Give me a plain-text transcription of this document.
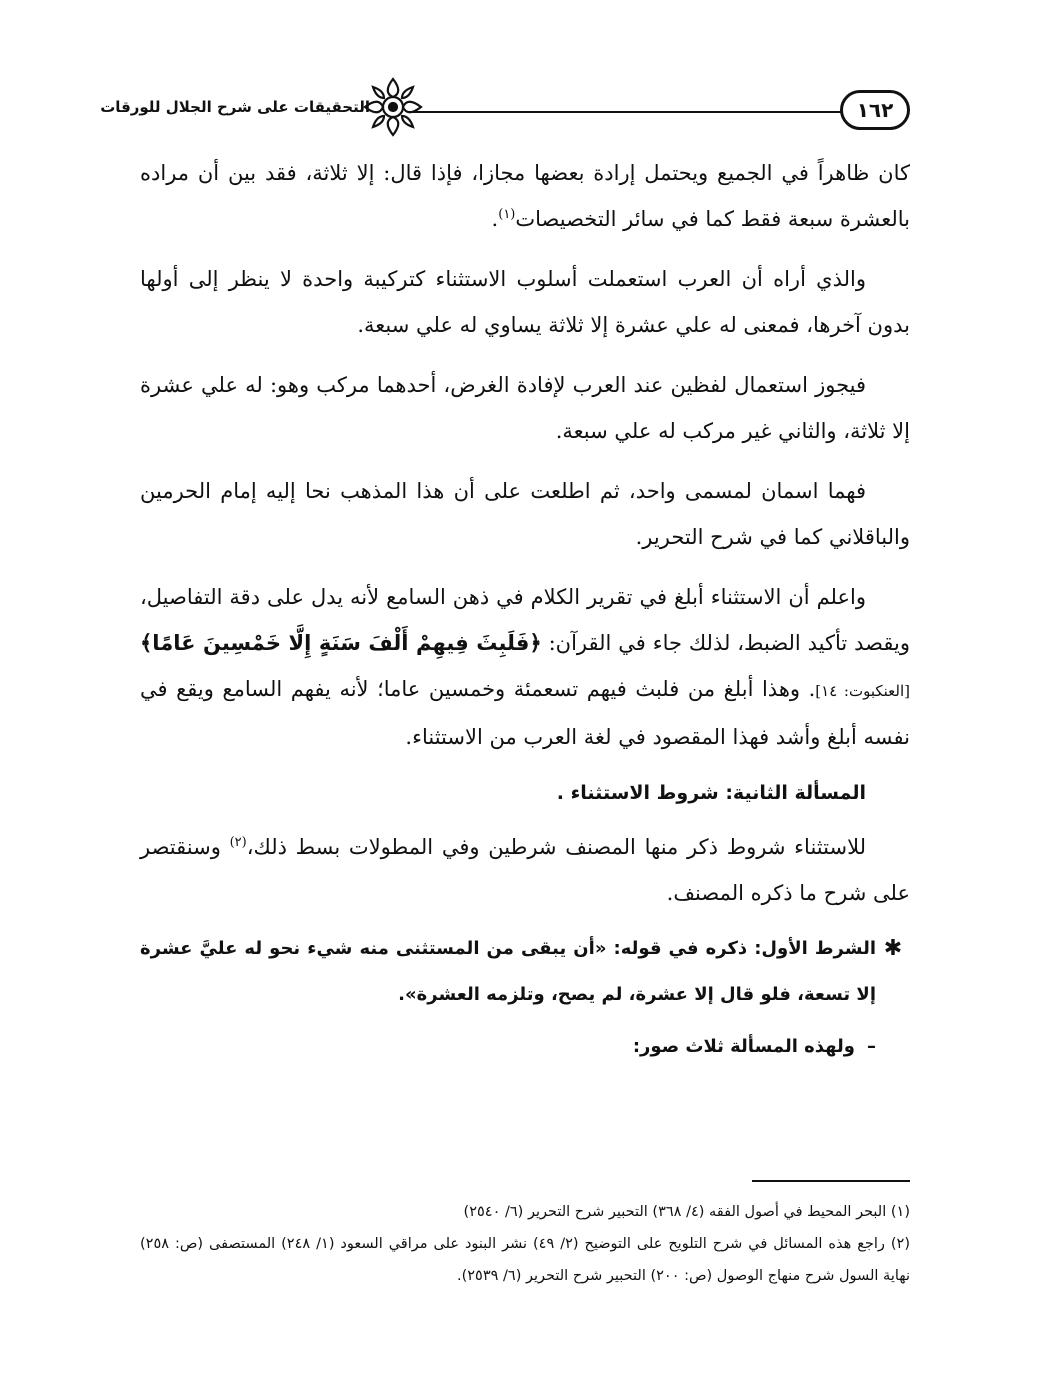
١٦٢
التحقيقات على شرح الجلال للورقات

كان ظاهراً في الجميع ويحتمل إرادة بعضها مجازا، فإذا قال: إلا ثلاثة، فقد بين أن مراده بالعشرة سبعة فقط كما في سائر التخصيصات$^{(١)}$.

والذي أراه أن العرب استعملت أسلوب الاستثناء كتركيبة واحدة لا ينظر إلى أولها بدون آخرها، فمعنى له علي عشرة إلا ثلاثة يساوي له علي سبعة.

فيجوز استعمال لفظين عند العرب لإفادة الغرض، أحدهما مركب وهو: له علي عشرة إلا ثلاثة، والثاني غير مركب له علي سبعة.

فهما اسمان لمسمى واحد، ثم اطلعت على أن هذا المذهب نحا إليه إمام الحرمين والباقلاني كما في شرح التحرير.

واعلم أن الاستثناء أبلغ في تقرير الكلام في ذهن السامع لأنه يدل على دقة التفاصيل، ويقصد تأكيد الضبط، لذلك جاء في القرآن: ﴿فَلَبِثَ فِيهِمْ أَلْفَ سَنَةٍ إِلَّا خَمْسِينَ عَامًا﴾ [العنكبوت: ١٤]. وهذا أبلغ من فلبث فيهم تسعمئة وخمسين عاما؛ لأنه يفهم السامع ويقع في نفسه أبلغ وأشد فهذا المقصود في لغة العرب من الاستثناء.

المسألة الثانية: شروط الاستثناء .

للاستثناء شروط ذكر منها المصنف شرطين وفي المطولات بسط ذلك،$^{(٢)}$ وسنقتصر على شرح ما ذكره المصنف.

✱
الشرط الأول: ذكره في قوله: «أن يبقى من المستثنى منه شيء نحو له عليَّ عشرة إلا تسعة، فلو قال إلا عشرة، لم يصح، وتلزمه العشرة».
–ولهذه المسألة ثلاث صور:

(١) البحر المحيط في أصول الفقه (٤/ ٣٦٨) التحبير شرح التحرير (٦/ ٢٥٤٠)

(٢) راجع هذه المسائل في شرح التلويح على التوضيح (٢/ ٤٩) نشر البنود على مراقي السعود (١/ ٢٤٨) المستصفى (ص: ٢٥٨) نهاية السول شرح منهاج الوصول (ص: ٢٠٠) التحبير شرح التحرير (٦/ ٢٥٣٩).
